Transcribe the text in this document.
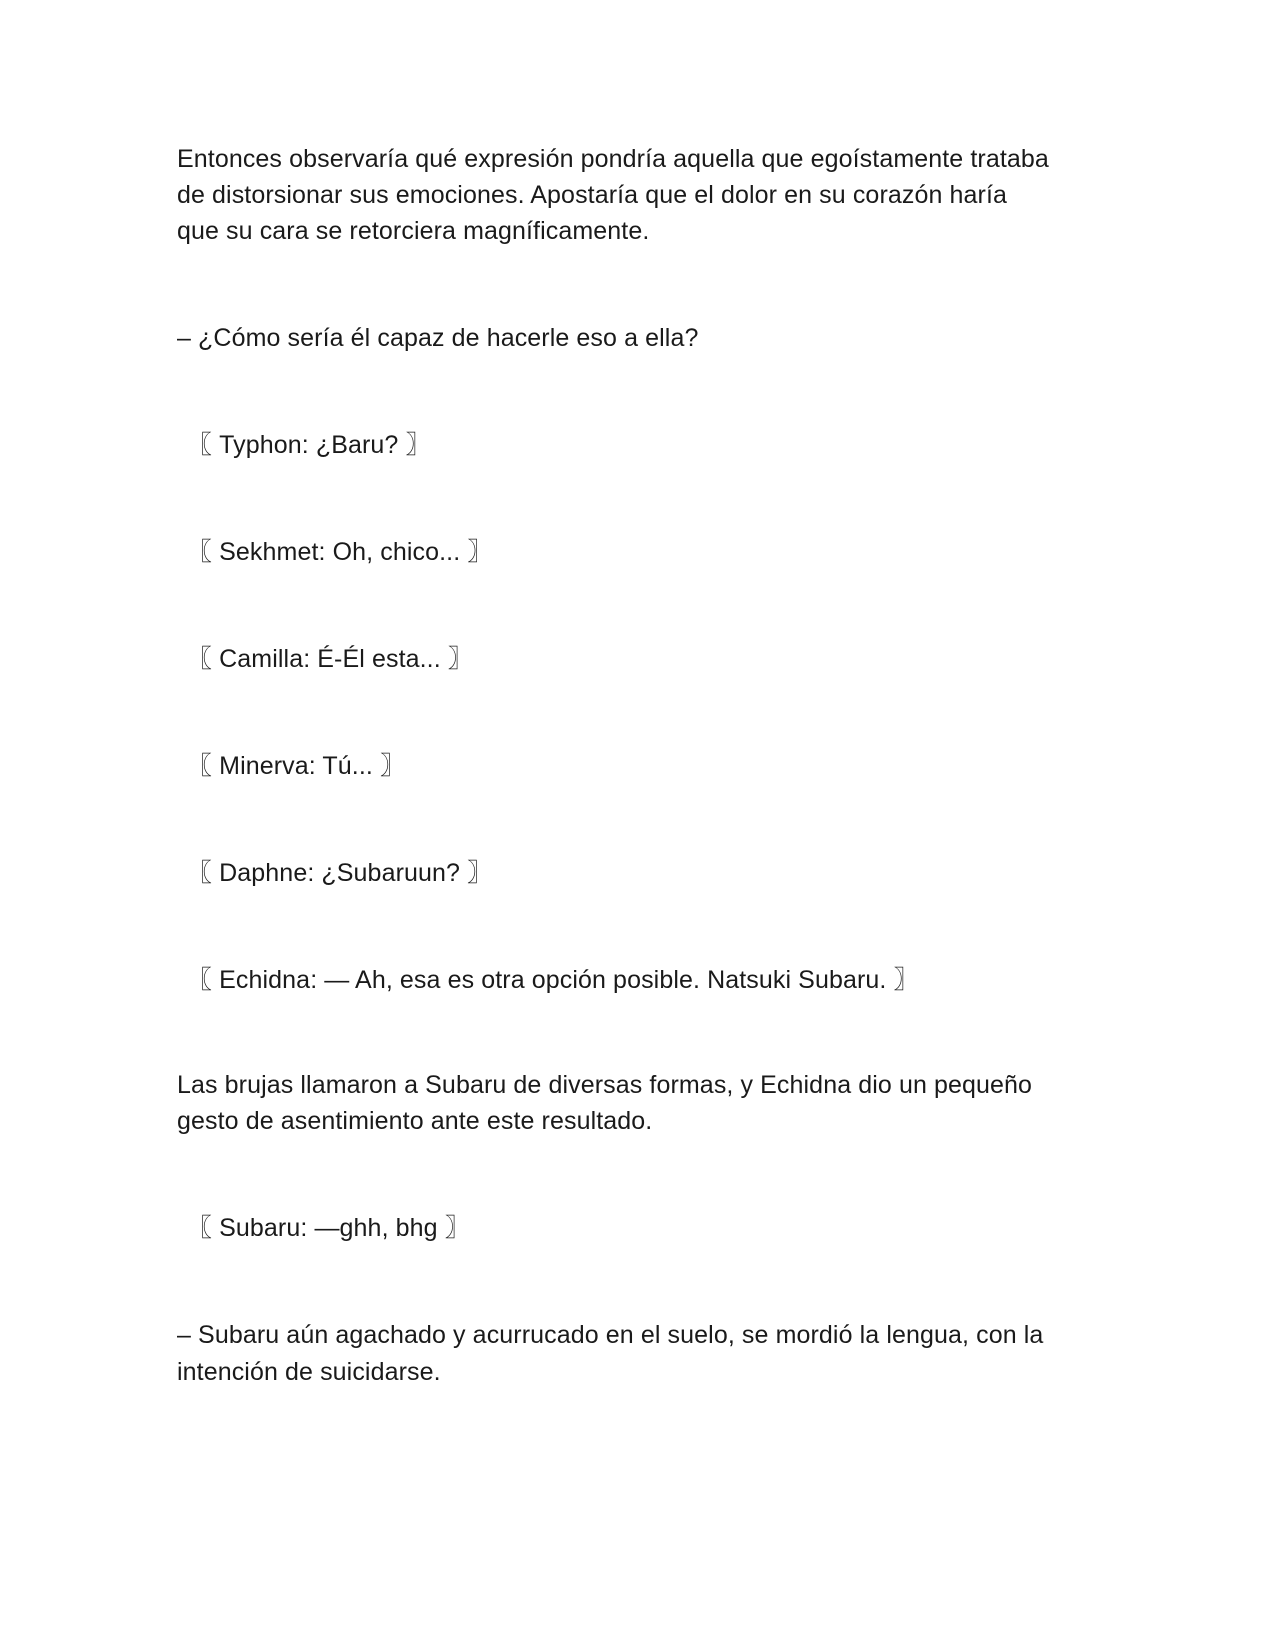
Entonces observaría qué expresión pondría aquella que egoístamente trataba
de distorsionar sus emociones. Apostaría que el dolor en su corazón haría
que su cara se retorciera magníficamente.
– ¿Cómo sería él capaz de hacerle eso a ella?
〖 Typhon: ¿Baru? 〗
〖 Sekhmet: Oh, chico... 〗
〖 Camilla: É-Él esta... 〗
〖 Minerva: Tú... 〗
〖 Daphne: ¿Subaruun? 〗
〖 Echidna: — Ah, esa es otra opción posible. Natsuki Subaru. 〗
Las brujas llamaron a Subaru de diversas formas, y Echidna dio un pequeño
gesto de asentimiento ante este resultado.
〖 Subaru: —ghh, bhg 〗
– Subaru aún agachado y acurrucado en el suelo, se mordió la lengua, con la
intención de suicidarse.
